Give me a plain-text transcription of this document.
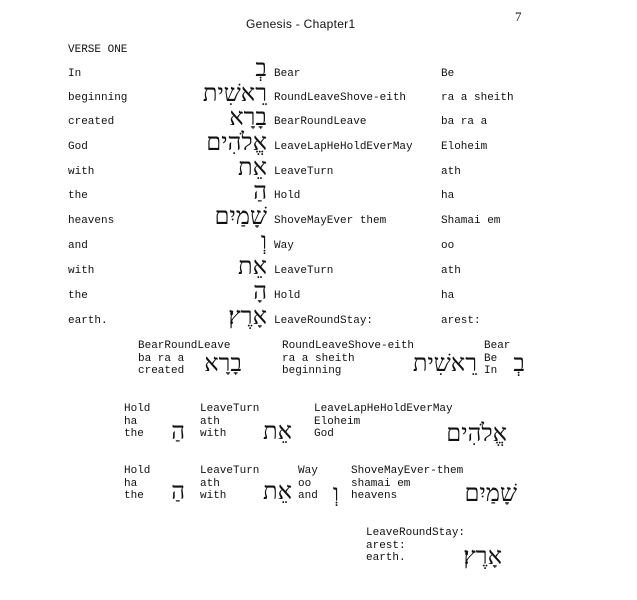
7
Genesis - Chapter1
VERSE ONE
In	בְ Bear	Be
beginning	רֵאשִׁית RoundLeaveShove-eith	ra a sheith
created	בָרָא BearRoundLeave	ba ra a
God	אֱלֹהִים LeaveLapHeHoldEverMay	Eloheim
with	אֵת LeaveTurn	ath
the	הַ Hold	ha
heavens	שָׁמַיִם ShoveMayEver them	Shamai em
and	וְ Way	oo
with	אֵת LeaveTurn	ath
the	הָ Hold	ha
earth.	אָרֶץ׃ LeaveRoundStay:	arest:
BearRoundLeave
ba ra a
created בָרָא
RoundLeaveShove-eith
ra a sheith
beginning	רֵאשִׁית
Bear
Be
In בְ
Hold
ha
the הַ
LeaveTurn
ath
with	אֵת
LeaveLapHeHoldEverMay
Eloheim
God	אֱלֹהִים
Hold
ha
the הַ
LeaveTurn
ath
with	אֵת
Way
oo
and וְ
ShoveMayEver-them
shamai em
heavens	שָׁמַיִם
LeaveRoundStay:
arest:
earth.	אָרֶץ׃
